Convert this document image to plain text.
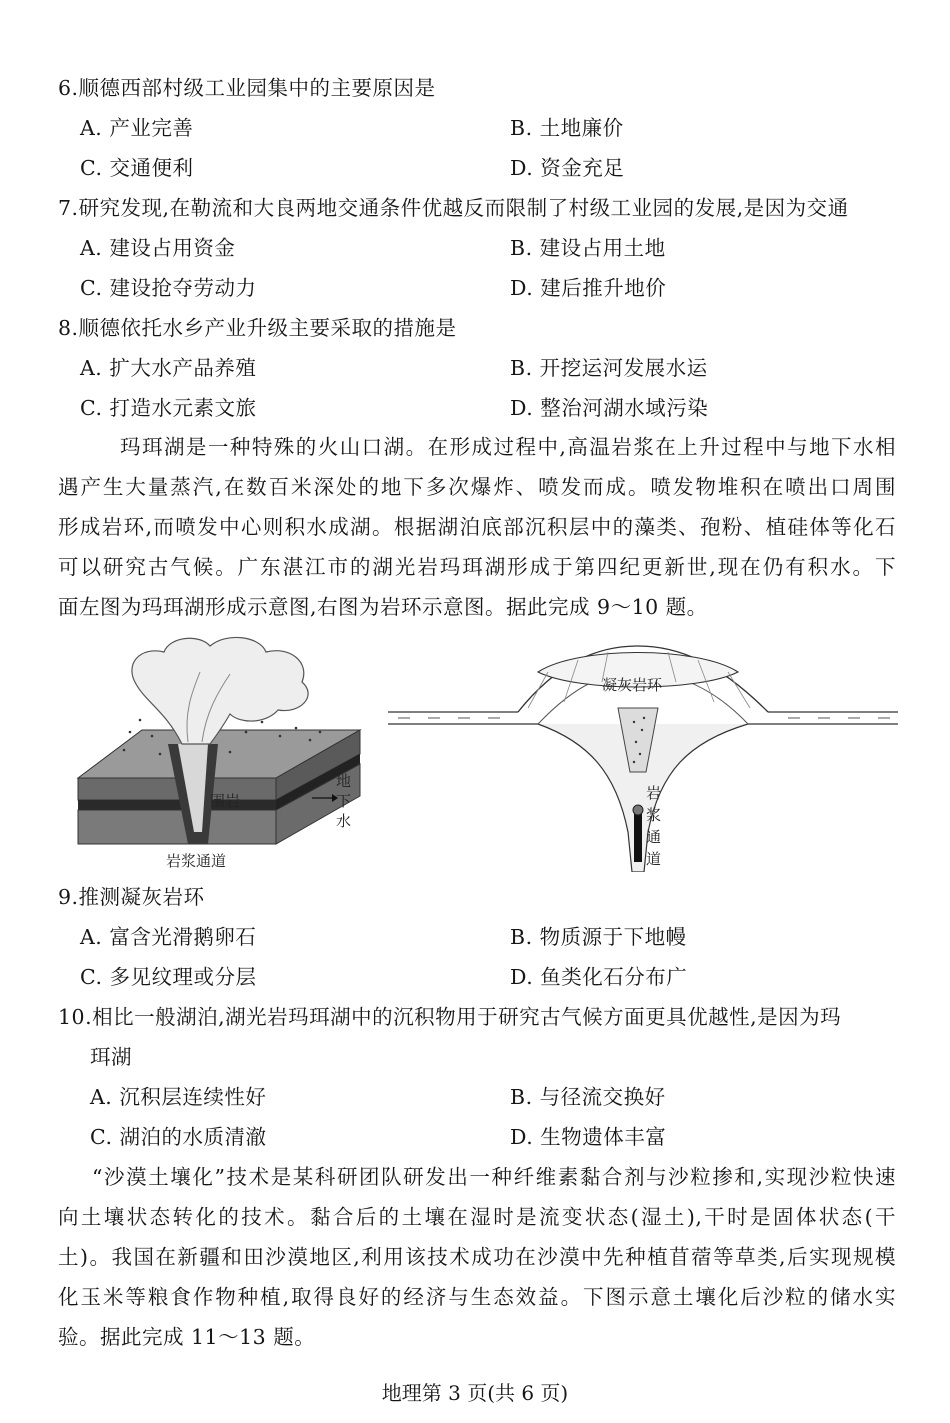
6.顺德西部村级工业园集中的主要原因是
A. 产业完善	B. 土地廉价
C. 交通便利	D. 资金充足
7.研究发现,在勒流和大良两地交通条件优越反而限制了村级工业园的发展,是因为交通
A. 建设占用资金	B. 建设占用土地
C. 建设抢夺劳动力	D. 建后推升地价
8.顺德依托水乡产业升级主要采取的措施是
A. 扩大水产品养殖	B. 开挖运河发展水运
C. 打造水元素文旅	D. 整治河湖水域污染
玛珥湖是一种特殊的火山口湖。在形成过程中,高温岩浆在上升过程中与地下水相
遇产生大量蒸汽,在数百米深处的地下多次爆炸、喷发而成。喷发物堆积在喷出口周围
形成岩环,而喷发中心则积水成湖。根据湖泊底部沉积层中的藻类、孢粉、植硅体等化石
可以研究古气候。广东湛江市的湖光岩玛珥湖形成于第四纪更新世,现在仍有积水。下
面左图为玛珥湖形成示意图,右图为岩环示意图。据此完成 9～10 题。
围岩
地
下
水
岩浆通道
凝灰岩环
岩
浆
通
道
9.推测凝灰岩环
A. 富含光滑鹅卵石	B. 物质源于下地幔
C. 多见纹理或分层	D. 鱼类化石分布广
10.相比一般湖泊,湖光岩玛珥湖中的沉积物用于研究古气候方面更具优越性,是因为玛
珥湖
A. 沉积层连续性好	B. 与径流交换好
C. 湖泊的水质清澈	D. 生物遗体丰富
“沙漠土壤化”技术是某科研团队研发出一种纤维素黏合剂与沙粒掺和,实现沙粒快速
向土壤状态转化的技术。黏合后的土壤在湿时是流变状态(湿土),干时是固体状态(干
土)。我国在新疆和田沙漠地区,利用该技术成功在沙漠中先种植苜蓿等草类,后实现规模
化玉米等粮食作物种植,取得良好的经济与生态效益。下图示意土壤化后沙粒的储水实
验。据此完成 11～13 题。
地理第 3 页(共 6 页)
